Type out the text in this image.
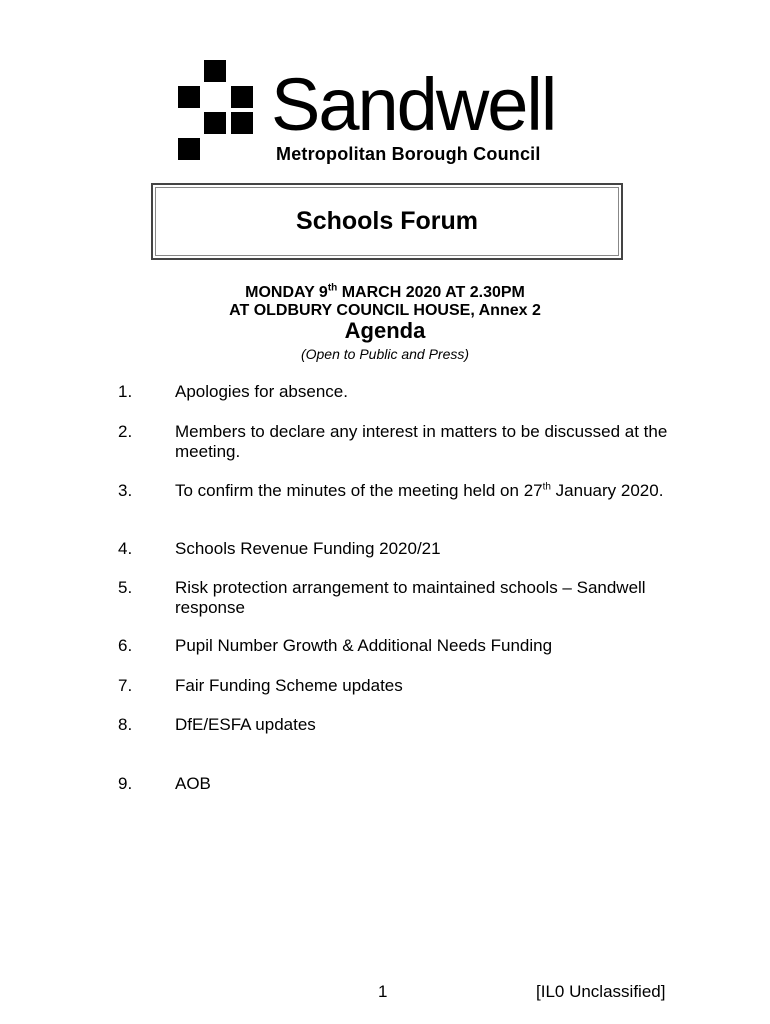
Sandwell
Metropolitan Borough Council
Schools Forum
MONDAY 9th MARCH 2020 AT 2.30PM
AT OLDBURY COUNCIL HOUSE, Annex 2
Agenda
(Open to Public and Press)
1.	Apologies for absence.
2.	Members to declare any interest in matters to be discussed at the meeting.
3.	To confirm the minutes of the meeting held on 27th January 2020.
4.	Schools Revenue Funding 2020/21
5.	Risk protection arrangement to maintained schools – Sandwell response
6.	Pupil Number Growth & Additional Needs Funding
7.	Fair Funding Scheme updates
8.	DfE/ESFA updates
9.	AOB
1	[IL0 Unclassified]
